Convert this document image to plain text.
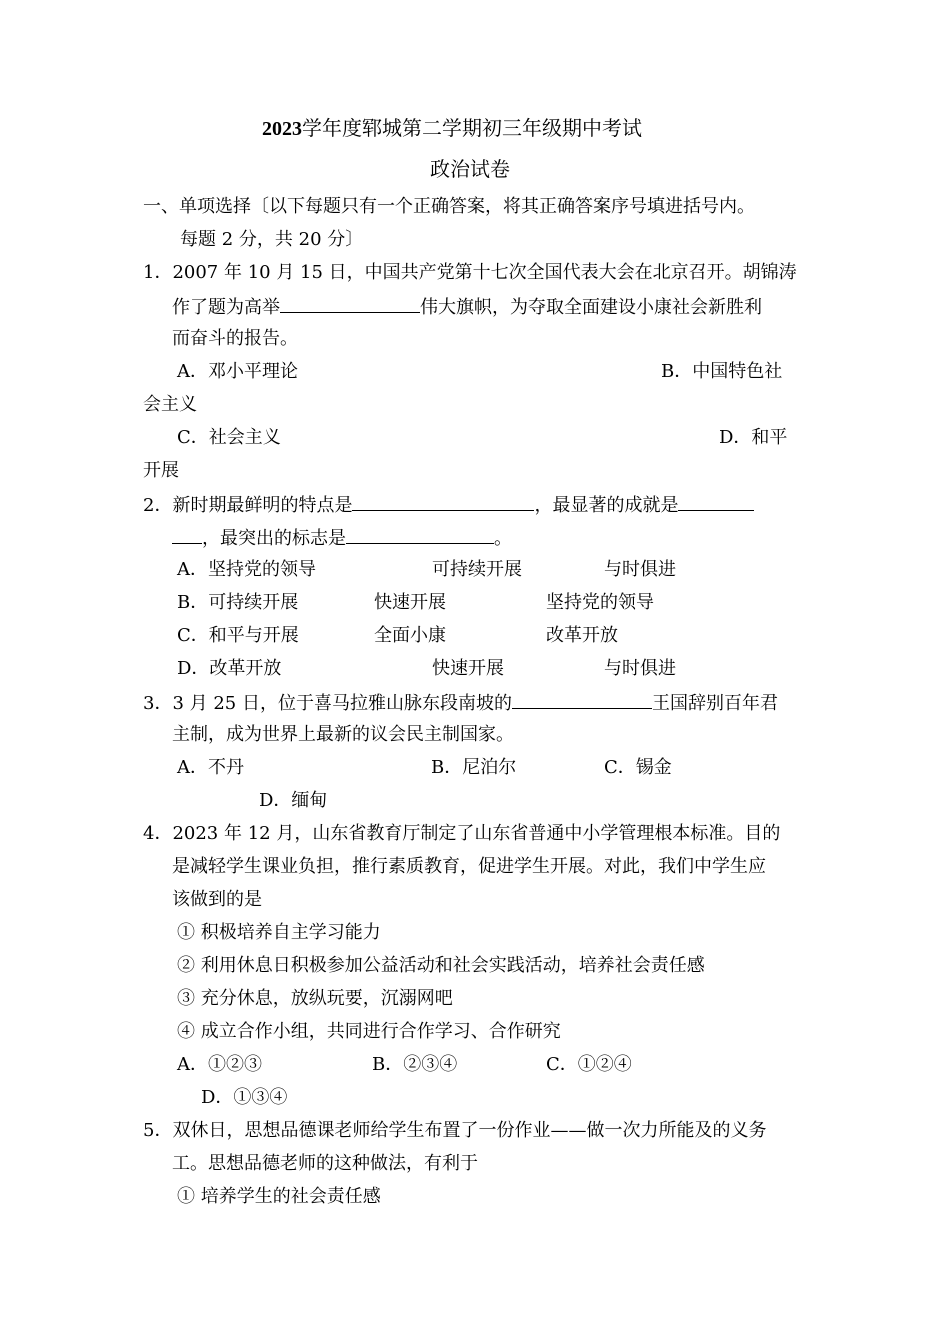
2023学年度郓城第二学期初三年级期中考试
政治试卷
一、单项选择〔以下每题只有一个正确答案，将其正确答案序号填进括号内。
每题 2 分，共 20 分〕
1．2007 年 10 月 15 日，中国共产党第十七次全国代表大会在北京召开。胡锦涛
作了题为高举	伟大旗帜，为夺取全面建设小康社会新胜利
而奋斗的报告。
A．邓小平理论	B．中国特色社
会主义
C．社会主义	D．和平
开展
2．新时期最鲜明的特点是	，最显著的成就是
，最突出的标志是	。
A．坚持党的领导	可持续开展	与时俱进
B．可持续开展	快速开展	坚持党的领导
C．和平与开展	全面小康	改革开放
D．改革开放	快速开展	与时俱进
3．3 月 25 日，位于喜马拉雅山脉东段南坡的	王国辞别百年君
主制，成为世界上最新的议会民主制国家。
A．不丹	B．尼泊尔	C．锡金
D．缅甸
4．2023 年 12 月，山东省教育厅制定了山东省普通中小学管理根本标准。目的
是减轻学生课业负担，推行素质教育，促进学生开展。对此，我们中学生应
该做到的是
① 积极培养自主学习能力
② 利用休息日积极参加公益活动和社会实践活动，培养社会责任感
③ 充分休息，放纵玩要，沉溺网吧
④ 成立合作小组，共同进行合作学习、合作研究
A．①②③	B．②③④	C．①②④
D．①③④
5．双休日，思想品德课老师给学生布置了一份作业——做一次力所能及的义务
工。思想品德老师的这种做法，有利于
① 培养学生的社会责任感
